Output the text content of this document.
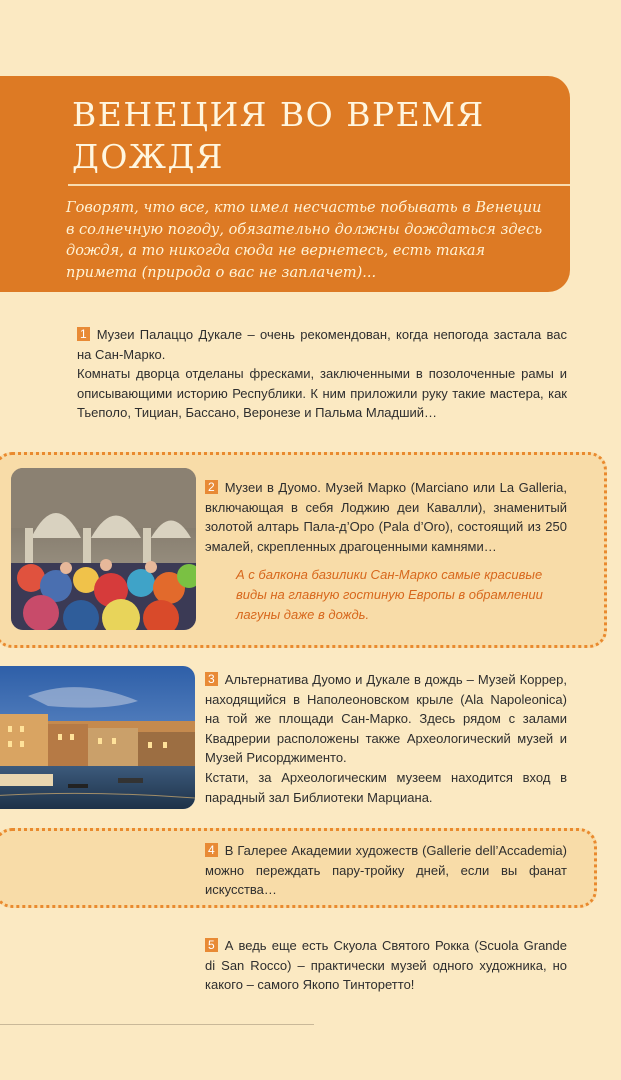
ВЕНЕЦИЯ ВО ВРЕМЯ
ДОЖДЯ
Говорят, что все, кто имел несчастье побывать в Венеции в солнечную погоду, обязательно должны дождаться здесь дождя, а то никогда сюда не вернетесь, есть такая примета (природа о вас не заплачет)...
1 Музеи Палаццо Дукале – очень рекомендован, когда непогода застала вас на Сан-Марко.
Комнаты дворца отделаны фресками, заключенными в позолоченные рамы и описывающими историю Республики. К ним приложили руку такие мастера, как Тьеполо, Тициан, Бассано, Веронезе и Пальма Младший…
2 Музеи в Дуомо. Музей Марко (Marciano или La Galleria, включающая в себя Лоджию деи Кавалли), знаменитый золотой алтарь Пала-д’Оро (Pala d’Oro), состоящий из 250 эмалей, скрепленных драгоценными камнями…
А с балкона базилики Сан-Марко самые красивые виды на главную гостиную Европы в обрамлении лагуны даже в дождь.
3 Альтернатива Дуомо и Дукале в дождь – Музей Коррер, находящийся в Наполеоновском крыле (Ala Napoleonica) на той же площади Сан-Марко. Здесь рядом с залами Квадрерии расположены также Археологический музей и Музей Рисорджименто.
Кстати, за Археологическим музеем находится вход в парадный зал Библиотеки Марциана.
4 В Галерее Академии художеств (Gallerie dell’Accademia) можно переждать пару-тройку дней, если вы фанат искусства…
5 А ведь еще есть Скуола Святого Рокка (Scuola Grande di San Rocco) – практически музей одного художника, но какого – самого Якопо Тинторетто!
